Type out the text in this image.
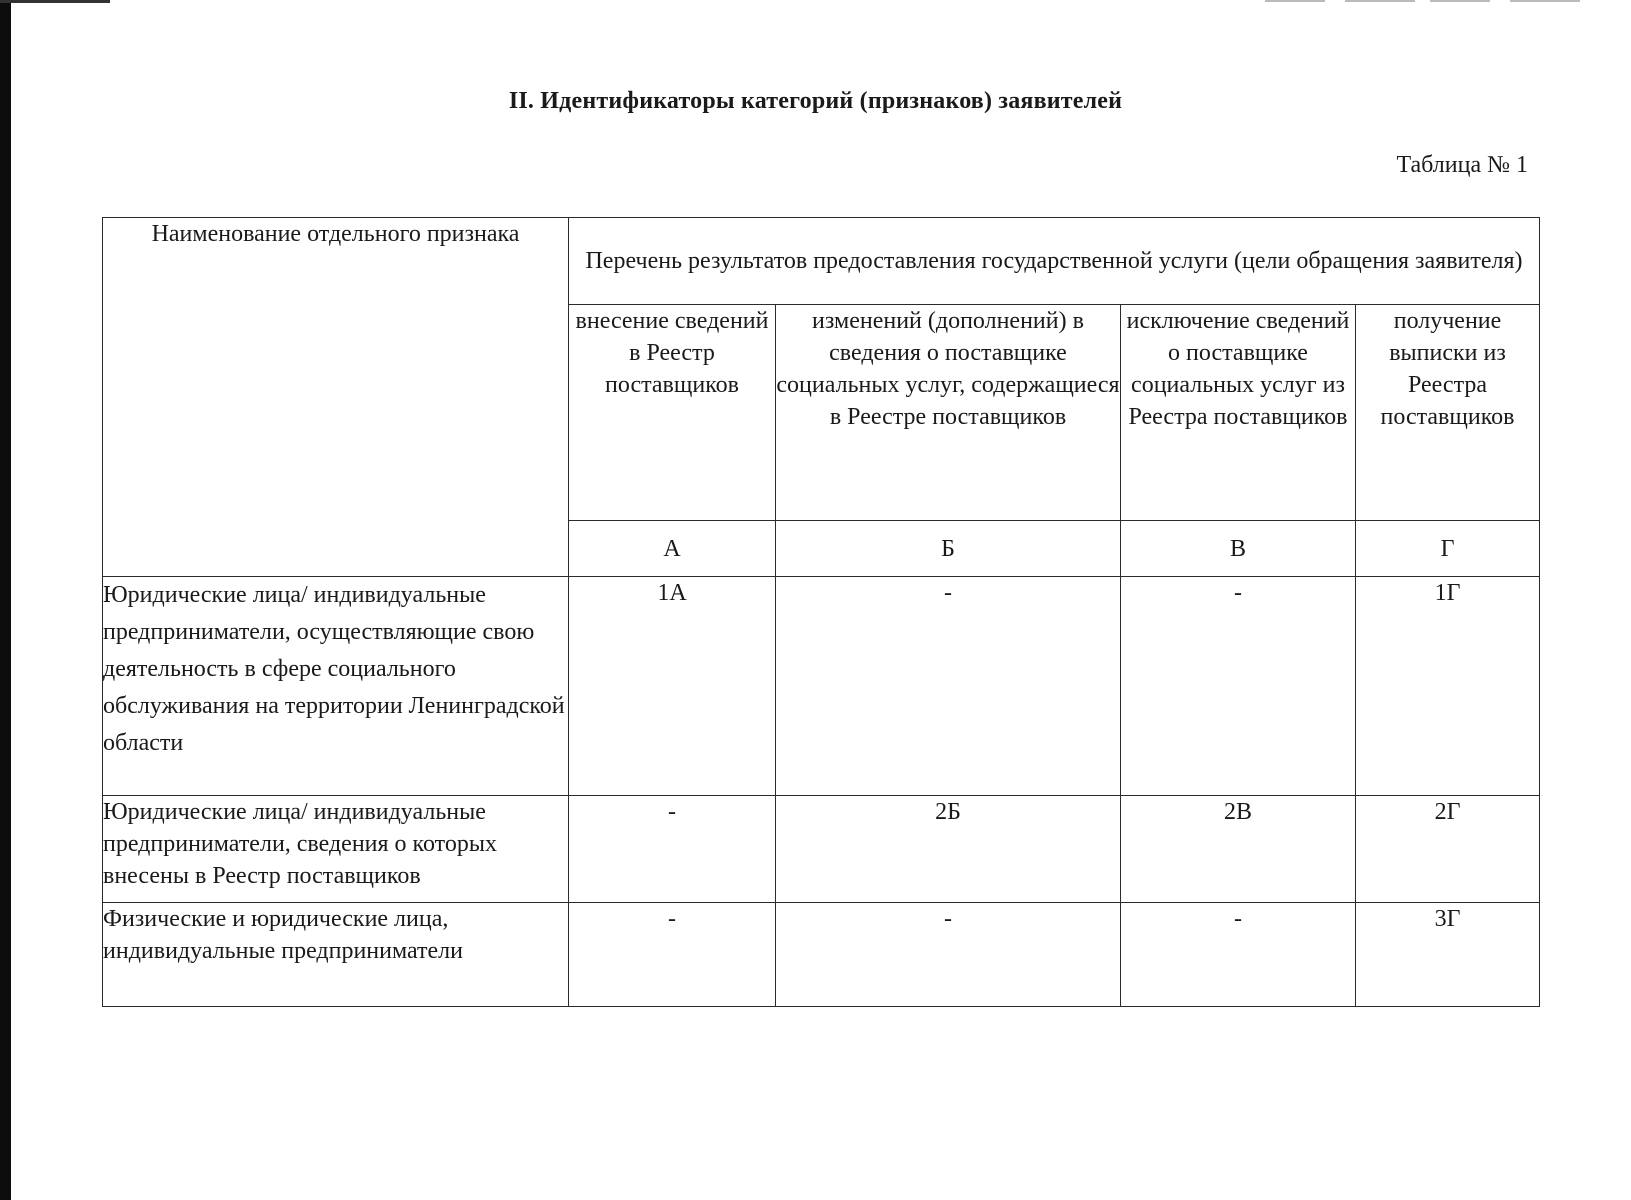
II. Идентификаторы категорий (признаков) заявителей
Таблица № 1
Наименование отдельного признака	Перечень результатов предоставления государственной услуги (цели обращения заявителя)			
	внесение сведений в Реестр поставщиков	изменений (дополнений) в сведения о поставщике социальных услуг, содержащиеся в Реестре поставщиков	исключение сведений о поставщике социальных услуг из Реестра поставщиков	получение выписки из Реестра поставщиков
	А	Б	В	Г
Юридические лица/ индивидуальные предприниматели, осуществляющие свою деятельность в сфере социального обслуживания на территории Ленинградской области	1А	-	-	1Г
Юридические лица/ индивидуальные предприниматели, сведения о которых внесены в Реестр поставщиков	-	2Б	2В	2Г
Физические и юридические лица, индивидуальные предприниматели	-	-	-	3Г
